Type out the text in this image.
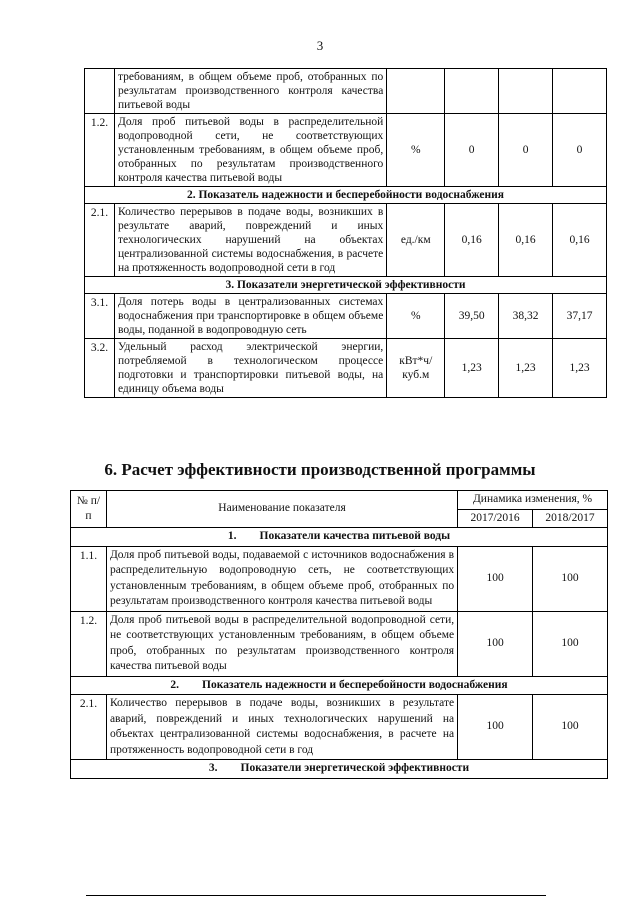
3
	требованиям, в общем объеме проб, отобранных по результатам производственного контроля качества питьевой воды				
1.2.	Доля проб питьевой воды в распределительной водопроводной сети, не соответствующих установленным требованиям, в общем объеме проб, отобранных по результатам производственного контроля качества питьевой воды	%	0	0	0
2. Показатель надежности и бесперебойности водоснабжения					
2.1.	Количество перерывов в подаче воды, возникших в результате аварий, повреждений и иных технологических нарушений на объектах централизованной системы водоснабжения, в расчете на протяженность водопроводной сети в год	ед./км	0,16	0,16	0,16
3. Показатели энергетической эффективности					
3.1.	Доля потерь воды в централизованных системах водоснабжения при транспортировке в общем объеме воды, поданной в водопроводную сеть	%	39,50	38,32	37,17
3.2.	Удельный расход электрической энергии, потребляемой в технологическом процессе подготовки и транспортировки питьевой воды, на единицу объема воды	кВт*ч/ куб.м	1,23	1,23	1,23
6. Расчет эффективности производственной программы
№ п/п	Наименование показателя	Динамика изменения, %	
		2017/2016	2018/2017
1.        Показатели качества питьевой воды			
1.1.	Доля проб питьевой воды, подаваемой с источников водоснабжения в распределительную водопроводную сеть, не соответствующих установленным требованиям, в общем объеме проб, отобранных по результатам производственного контроля качества питьевой воды	100	100
1.2.	Доля проб питьевой воды в распределительной водопроводной сети, не соответствующих установленным требованиям, в общем объеме проб, отобранных по результатам производственного контроля качества питьевой воды	100	100
2.        Показатель надежности и бесперебойности водоснабжения			
2.1.	Количество перерывов в подаче воды, возникших в результате аварий, повреждений и иных технологических нарушений на объектах централизованной системы водоснабжения, в расчете на протяженность водопроводной сети в год	100	100
3.        Показатели энергетической эффективности			
